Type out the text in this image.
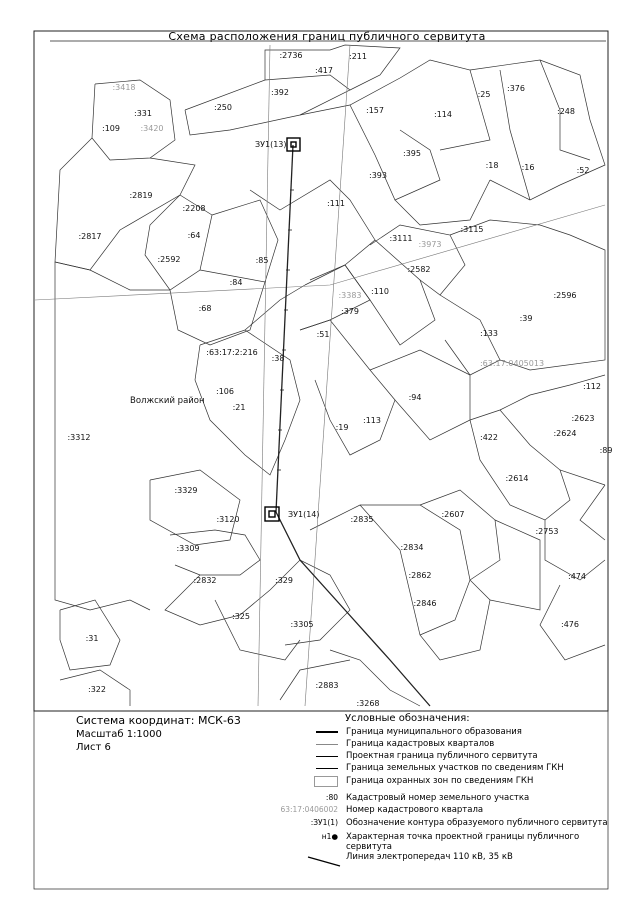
Схема расположения границ публичного сервитута
:2736
:417
:211
:392
:3418
:331
:3420
:109
:250	:157	:114
:25
:376
:248
:395
:393
:18	:16	:52
:111
:2819
:2208
:64
:2592
:2817
:85
:3111
:3973
:3115
:2582
:84
:110
:3383
:379
:68
:2596
:39
:133
:51
:63:17:2:216
:38
:63:17:0405013
:112
:106
:94
:21
:2623
:113
:19
:3312	:422	:2624
:89
:2614
:3329
:2835
:2607
:3120
:2753
:3309	:2834
:2862	:474
:2832	:329
:2846
:325
:3305	:476
:31
:2883
:322
:3268
ЗУ1(13)
ЗУ1(14)
Волжский район
Система координат: МСК-63
Масштаб 1:1000
Лист 6
Условные обозначения:
Граница муниципального образования
Граница кадастровых кварталов
Проектная граница публичного сервитута
Граница земельных участков по сведениям ГКН
Граница охранных зон по сведениям ГКН
:80 Кадастровый номер земельного участка
63:17:0406002 Номер кадастрового квартала
:ЗУ1(1) Обозначение контура образуемого публичного сервитута
н1● Характерная точка проектной границы публичного сервитута
Линия электропередач 110 кВ, 35 кВ
